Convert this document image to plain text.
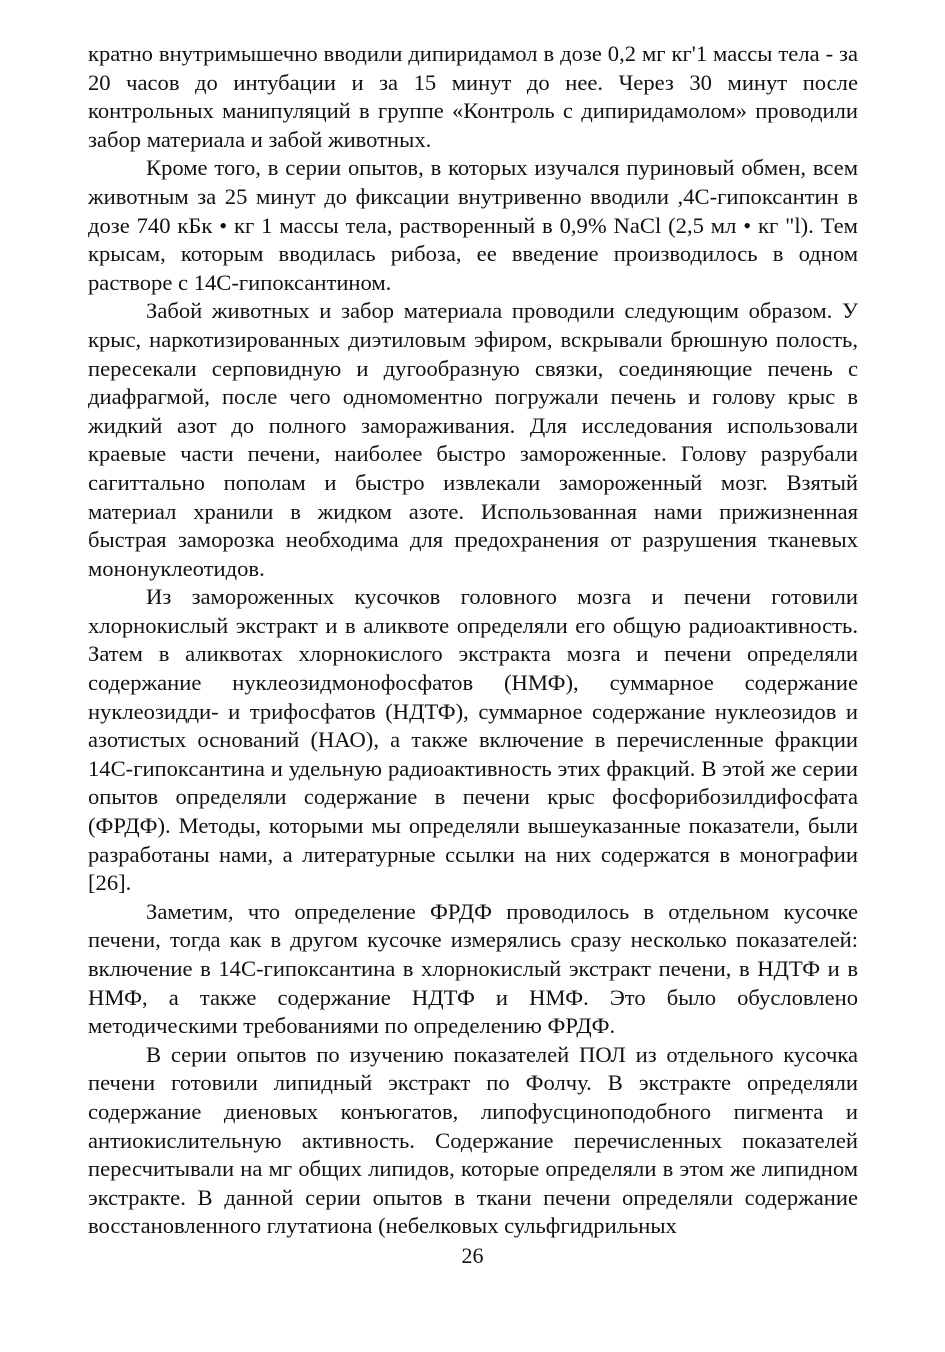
кратно внутримышечно вводили дипиридамол в дозе 0,2 мг кг'1 массы тела - за 20 часов до интубации и за 15 минут до нее. Через 30 минут после контрольных манипуляций в группе «Контроль с дипиридамолом» проводили забор материала и забой животных.

Кроме того, в серии опытов, в которых изучался пуриновый обмен, всем животным за 25 минут до фиксации внутривенно вводили ,4С-гипоксантин в дозе 740 кБк • кг 1 массы тела, растворенный в 0,9% NaCl (2,5 мл • кг "l). Тем крысам, которым вводилась рибоза, ее введение производилось в одном растворе с 14С-гипоксантином.

Забой животных и забор материала проводили следующим образом. У крыс, наркотизированных диэтиловым эфиром, вскрывали брюшную полость, пересекали серповидную и дугообразную связки, соединяющие печень с диафрагмой, после чего одномоментно погружали печень и голову крыс в жидкий азот до полного замораживания. Для исследования использовали краевые части печени, наиболее быстро замороженные. Голову разрубали сагиттально пополам и быстро извлекали замороженный мозг. Взятый материал хранили в жидком азоте. Использованная нами прижизненная быстрая заморозка необходима для предохранения от разрушения тканевых мононуклеотидов.

Из замороженных кусочков головного мозга и печени готовили хлорнокислый экстракт и в аликвоте определяли его общую радиоактивность. Затем в аликвотах хлорнокислого экстракта мозга и печени определяли содержание нуклеозидмонофосфатов (НМФ), суммарное содержание нуклеозидди- и трифосфатов (НДТФ), суммарное содержание нуклеозидов и азотистых оснований (НАО), а также включение в перечисленные фракции 14С-гипоксантина и удельную радиоактивность этих фракций. В этой же серии опытов определяли содержание в печени крыс фосфорибозилдифосфата (ФРДФ). Методы, которыми мы определяли вышеуказанные показатели, были разработаны нами, а литературные ссылки на них содержатся в монографии [26].

Заметим, что определение ФРДФ проводилось в отдельном кусочке печени, тогда как в другом кусочке измерялись сразу несколько показателей: включение в 14С-гипоксантина в хлорнокислый экстракт печени, в НДТФ и в НМФ, а также содержание НДТФ и НМФ. Это было обусловлено методическими требованиями по определению ФРДФ.

В серии опытов по изучению показателей ПОЛ из отдельного кусочка печени готовили липидный экстракт по Фолчу. В экстракте определяли содержание диеновых конъюгатов, липофусциноподобного пигмента и антиокислительную активность. Содержание перечисленных показателей пересчитывали на мг общих липидов, которые определяли в этом же липидном экстракте. В данной серии опытов в ткани печени определяли содержание восстановленного глутатиона (небелковых сульфгидрильных

26
